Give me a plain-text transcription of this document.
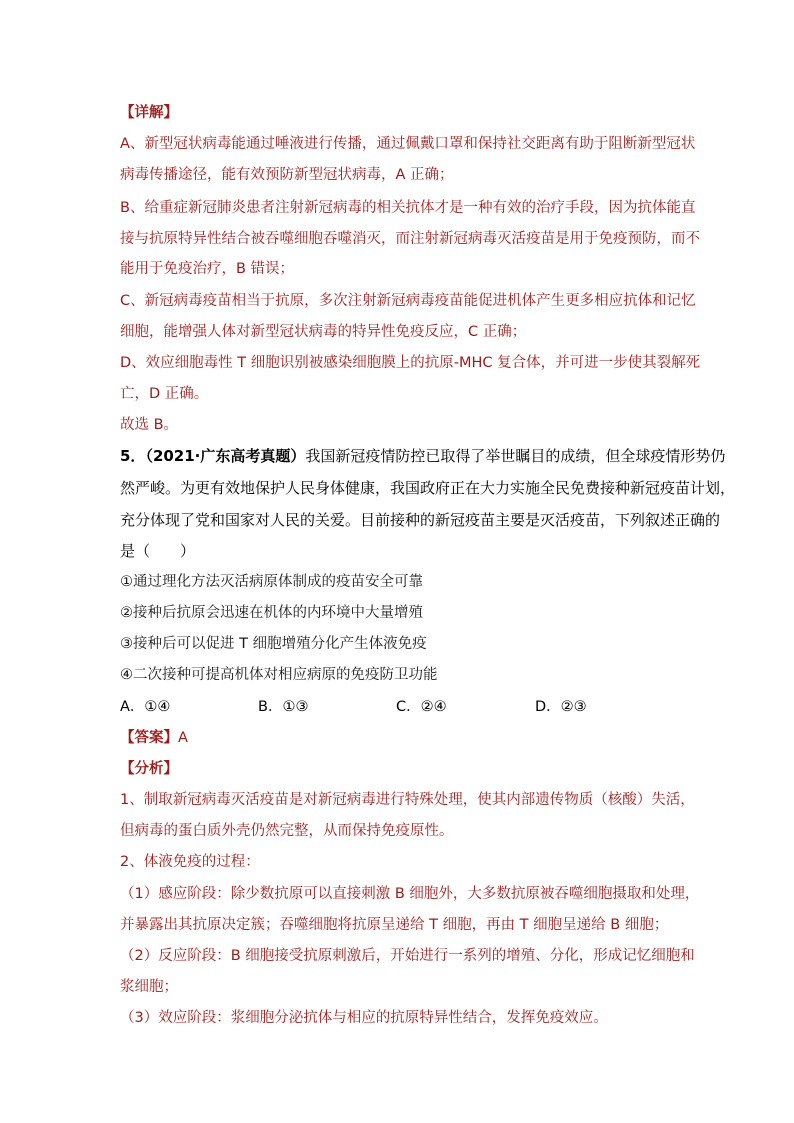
【详解】
A、新型冠状病毒能通过唾液进行传播，通过佩戴口罩和保持社交距离有助于阻断新型冠状
病毒传播途径，能有效预防新型冠状病毒，A 正确；
B、给重症新冠肺炎患者注射新冠病毒的相关抗体才是一种有效的治疗手段，因为抗体能直
接与抗原特异性结合被吞噬细胞吞噬消灭，而注射新冠病毒灭活疫苗是用于免疫预防，而不
能用于免疫治疗，B 错误；
C、新冠病毒疫苗相当于抗原，多次注射新冠病毒疫苗能促进机体产生更多相应抗体和记忆
细胞，能增强人体对新型冠状病毒的特异性免疫反应，C 正确；
D、效应细胞毒性 T 细胞识别被感染细胞膜上的抗原-MHC 复合体，并可进一步使其裂解死
亡，D 正确。
故选 B。
5．（2021·广东高考真题）我国新冠疫情防控已取得了举世瞩目的成绩，但全球疫情形势仍
然严峻。为更有效地保护人民身体健康，我国政府正在大力实施全民免费接种新冠疫苗计划，
充分体现了党和国家对人民的关爱。目前接种的新冠疫苗主要是灭活疫苗，下列叙述正确的
是（　　）
①通过理化方法灭活病原体制成的疫苗安全可靠
②接种后抗原会迅速在机体的内环境中大量增殖
③接种后可以促进 T 细胞增殖分化产生体液免疫
④二次接种可提高机体对相应病原的免疫防卫功能
A．①④	B．①③	C．②④	D．②③
【答案】A
【分析】
1、制取新冠病毒灭活疫苗是对新冠病毒进行特殊处理，使其内部遗传物质（核酸）失活，
但病毒的蛋白质外壳仍然完整，从而保持免疫原性。
2、体液免疫的过程：
（1）感应阶段：除少数抗原可以直接刺激 B 细胞外，大多数抗原被吞噬细胞摄取和处理，
并暴露出其抗原决定簇；吞噬细胞将抗原呈递给 T 细胞，再由 T 细胞呈递给 B 细胞；
（2）反应阶段：B 细胞接受抗原刺激后，开始进行一系列的增殖、分化，形成记忆细胞和
浆细胞；
（3）效应阶段：浆细胞分泌抗体与相应的抗原特异性结合，发挥免疫效应。
